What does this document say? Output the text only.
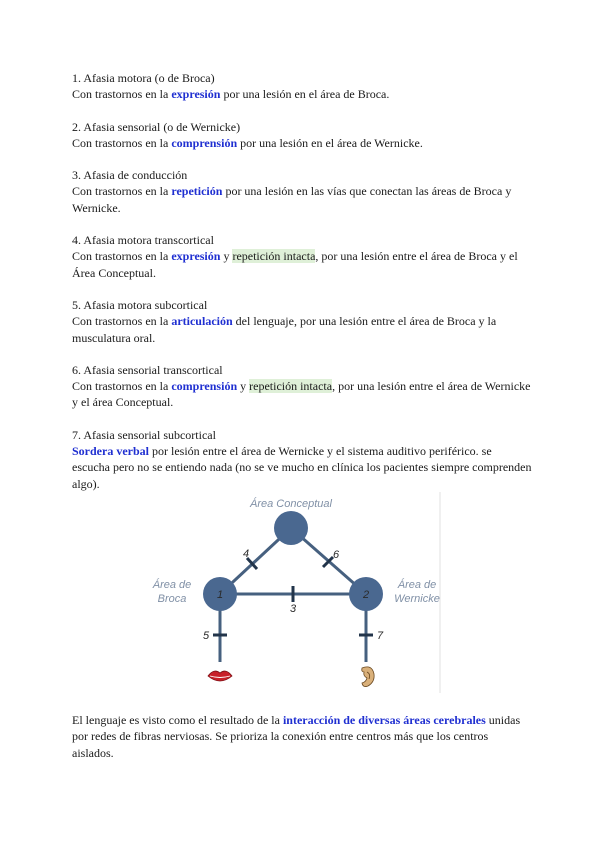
1. Afasia motora (o de Broca)

Con trastornos en la expresión por una lesión en el área de Broca.

2. Afasia sensorial (o de Wernicke)

Con trastornos en la comprensión por una lesión en el área de Wernicke.

3. Afasia de conducción

Con trastornos en la repetición por una lesión en las vías que conectan las áreas de Broca y Wernicke.

4. Afasia motora transcortical

Con trastornos en la expresión y repetición intacta, por una lesión entre el área de Broca y el Área Conceptual.

5. Afasia motora subcortical

Con trastornos en la articulación del lenguaje, por una lesión entre el área de Broca y la musculatura oral.

6. Afasia sensorial transcortical

Con trastornos en la comprensión y repetición intacta, por una lesión entre el área de Wernicke y el área Conceptual.

7. Afasia sensorial subcortical

Sordera verbal por lesión entre el área de Wernicke y el sistema auditivo periférico. se escucha pero no se entiendo nada (no se ve mucho en clínica los pacientes siempre comprenden algo).

Área Conceptual
Área de
Broca
Área de
Wernicke
1	2
3
4
5
6
7

El lenguaje es visto como el resultado de la interacción de diversas áreas cerebrales unidas por redes de fibras nerviosas. Se prioriza la conexión entre centros más que los centros aislados.
